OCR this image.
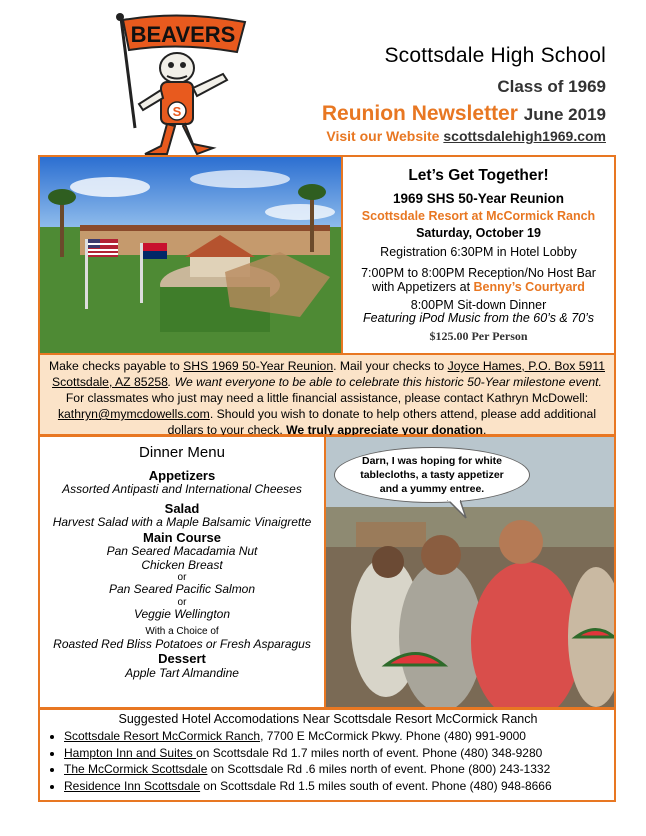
BEAVERS
S
Scottsdale High School
Class of 1969
Reunion Newsletter June 2019
Visit our Website scottsdalehigh1969.com
Let’s Get Together!
1969 SHS 50-Year Reunion
Scottsdale Resort at McCormick Ranch
Saturday, October 19
Registration 6:30PM in Hotel Lobby
7:00PM to 8:00PM Reception/No Host Bar
with Appetizers at Benny’s Courtyard
8:00PM Sit-down Dinner
Featuring iPod Music from the 60’s & 70’s
$125.00 Per Person
Make checks payable to SHS 1969 50-Year Reunion. Mail your checks to Joyce Hames, P.O. Box 5911 Scottsdale, AZ 85258. We want everyone to be able to celebrate this historic 50-Year milestone event. For classmates who just may need a little financial assistance, please contact Kathryn McDowell: kathryn@mymcdowells.com. Should you wish to donate to help others attend, please add additional dollars to your check. We truly appreciate your donation.
Dinner Menu
Appetizers
Assorted Antipasti and International Cheeses
Salad
Harvest Salad with a Maple Balsamic Vinaigrette
Main Course
Pan Seared Macadamia Nut
Chicken Breast
or
Pan Seared Pacific Salmon
or
Veggie Wellington
With a Choice of
Roasted Red Bliss Potatoes or Fresh Asparagus
Dessert
Apple Tart Almandine
Darn, I was hoping for white tablecloths, a tasty appetizer and a yummy entree.
Suggested Hotel Accomodations Near Scottsdale Resort McCormick Ranch
• Scottsdale Resort McCormick Ranch, 7700 E McCormick Pkwy. Phone (480) 991-9000
• Hampton Inn and Suites on Scottsdale Rd 1.7 miles north of event. Phone (480) 348-9280
• The McCormick Scottsdale on Scottsdale Rd .6 miles north of event. Phone (800) 243-1332
• Residence Inn Scottsdale on Scottsdale Rd 1.5 miles south of event. Phone (480) 948-8666
